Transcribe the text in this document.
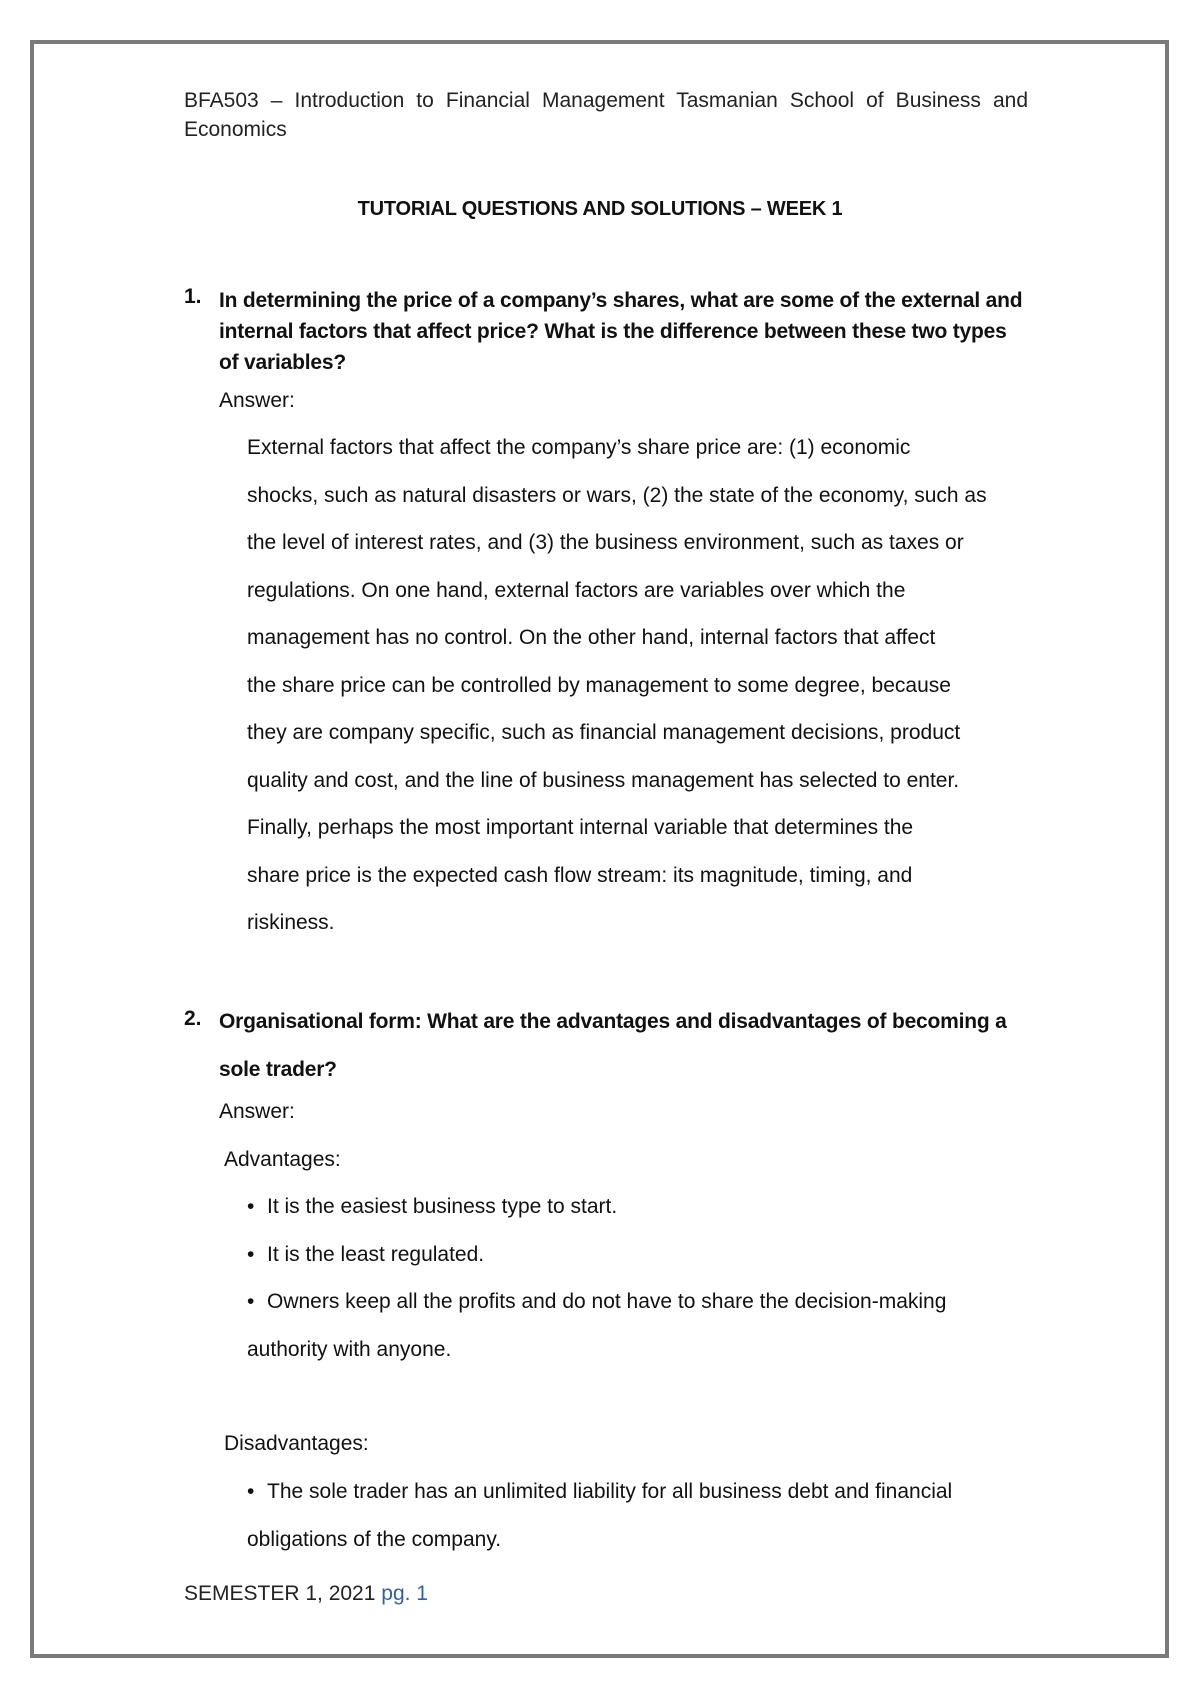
BFA503 – Introduction to Financial Management Tasmanian School of Business and Economics
TUTORIAL QUESTIONS AND SOLUTIONS – WEEK 1
1. In determining the price of a company’s shares, what are some of the external and internal factors that affect price? What is the difference between these two types of variables?
Answer:
External factors that affect the company’s share price are: (1) economic
shocks, such as natural disasters or wars, (2) the state of the economy, such as
the level of interest rates, and (3) the business environment, such as taxes or
regulations. On one hand, external factors are variables over which the
management has no control. On the other hand, internal factors that affect
the share price can be controlled by management to some degree, because
they are company specific, such as financial management decisions, product
quality and cost, and the line of business management has selected to enter.
Finally, perhaps the most important internal variable that determines the
share price is the expected cash flow stream: its magnitude, timing, and
riskiness.
2. Organisational form: What are the advantages and disadvantages of becoming a sole trader?
Answer:
Advantages:
• It is the easiest business type to start.
• It is the least regulated.
• Owners keep all the profits and do not have to share the decision-making
authority with anyone.
Disadvantages:
• The sole trader has an unlimited liability for all business debt and financial
obligations of the company.
SEMESTER 1, 2021 pg. 1
